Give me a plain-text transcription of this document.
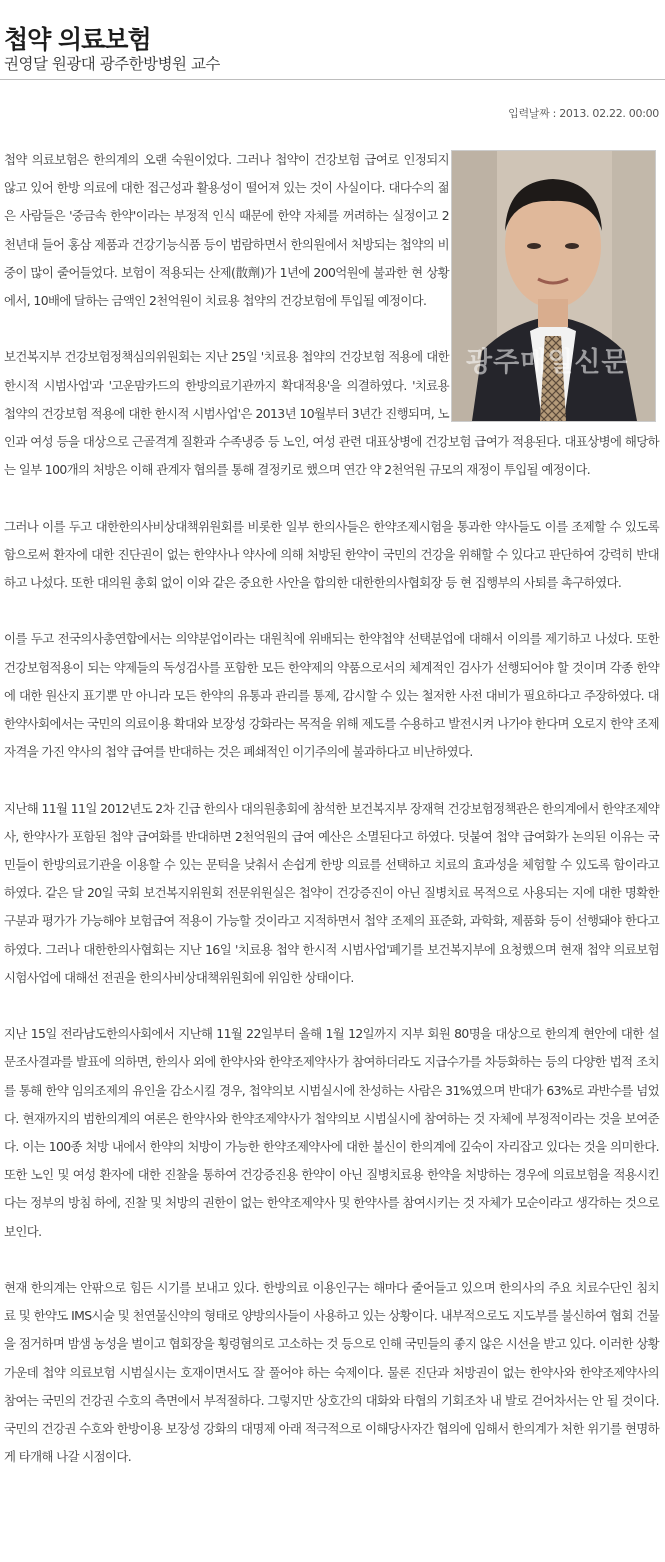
첩약 의료보험
권영달 원광대 광주한방병원 교수
입력날짜 : 2013. 02.22. 00:00
광주매일신문

첩약 의료보험은 한의계의 오랜 숙원이었다. 그러나 첩약이 건강보험 급여로 인정되지 않고 있어 한방 의료에 대한 접근성과 활용성이 떨어져 있는 것이 사실이다. 대다수의 젊은 사람들은 '중금속 한약'이라는 부정적 인식 때문에 한약 자체를 꺼려하는 실정이고 2천년대 들어 홍삼 제품과 건강기능식품 등이 범람하면서 한의원에서 처방되는 첩약의 비중이 많이 줄어들었다. 보험이 적용되는 산제(散劑)가 1년에 200억원에 불과한 현 상황에서, 10배에 달하는 금액인 2천억원이 치료용 첩약의 건강보험에 투입될 예정이다.

보건복지부 건강보험정책심의위원회는 지난 25일 '치료용 첩약의 건강보험 적용에 대한 한시적 시범사업'과 '고운맘카드의 한방의료기관까지 확대적용'을 의결하였다. '치료용 첩약의 건강보험 적용에 대한 한시적 시범사업'은 2013년 10월부터 3년간 진행되며, 노인과 여성 등을 대상으로 근골격계 질환과 수족냉증 등 노인, 여성 관련 대표상병에 건강보험 급여가 적용된다. 대표상병에 해당하는 일부 100개의 처방은 이해 관계자 협의를 통해 결정키로 했으며 연간 약 2천억원 규모의 재정이 투입될 예정이다.

그러나 이를 두고 대한한의사비상대책위원회를 비롯한 일부 한의사들은 한약조제시험을 통과한 약사들도 이를 조제할 수 있도록 함으로써 환자에 대한 진단권이 없는 한약사나 약사에 의해 처방된 한약이 국민의 건강을 위해할 수 있다고 판단하여 강력히 반대하고 나섰다. 또한 대의원 총회 없이 이와 같은 중요한 사안을 합의한 대한한의사협회장 등 현 집행부의 사퇴를 촉구하였다.

이를 두고 전국의사총연합에서는 의약분업이라는 대원칙에 위배되는 한약첩약 선택분업에 대해서 이의를 제기하고 나섰다. 또한 건강보험적용이 되는 약제들의 독성검사를 포함한 모든 한약제의 약품으로서의 체계적인 검사가 선행되어야 할 것이며 각종 한약에 대한 원산지 표기뿐 만 아니라 모든 한약의 유통과 관리를 통제, 감시할 수 있는 철저한 사전 대비가 필요하다고 주장하였다. 대한약사회에서는 국민의 의료이용 확대와 보장성 강화라는 목적을 위해 제도를 수용하고 발전시켜 나가야 한다며 오로지 한약 조제 자격을 가진 약사의 첩약 급여를 반대하는 것은 폐쇄적인 이기주의에 불과하다고 비난하였다.

지난해 11월 11일 2012년도 2차 긴급 한의사 대의원총회에 참석한 보건복지부 장재혁 건강보험정책관은 한의계에서 한약조제약사, 한약사가 포함된 첩약 급여화를 반대하면 2천억원의 급여 예산은 소멸된다고 하였다. 덧붙여 첩약 급여화가 논의된 이유는 국민들이 한방의료기관을 이용할 수 있는 문턱을 낮춰서 손쉽게 한방 의료를 선택하고 치료의 효과성을 체험할 수 있도록 함이라고 하였다. 같은 달 20일 국회 보건복지위원회 전문위원실은 첩약이 건강증진이 아닌 질병치료 목적으로 사용되는 지에 대한 명확한 구분과 평가가 가능해야 보험급여 적용이 가능할 것이라고 지적하면서 첩약 조제의 표준화, 과학화, 제품화 등이 선행돼야 한다고 하였다. 그러나 대한한의사협회는 지난 16일 '치료용 첩약 한시적 시범사업'폐기를 보건복지부에 요청했으며 현재 첩약 의료보험 시험사업에 대해선 전권을 한의사비상대책위원회에 위임한 상태이다.

지난 15일 전라남도한의사회에서 지난해 11월 22일부터 올해 1월 12일까지 지부 회원 80명을 대상으로 한의계 현안에 대한 설문조사결과를 발표에 의하면, 한의사 외에 한약사와 한약조제약사가 참여하더라도 지급수가를 차등화하는 등의 다양한 법적 조치를 통해 한약 임의조제의 유인을 감소시킬 경우, 첩약의보 시범실시에 찬성하는 사람은 31%였으며 반대가 63%로 과반수를 넘었다. 현재까지의 범한의계의 여론은 한약사와 한약조제약사가 첩약의보 시범실시에 참여하는 것 자체에 부정적이라는 것을 보여준다. 이는 100종 처방 내에서 한약의 처방이 가능한 한약조제약사에 대한 불신이 한의계에 깊숙이 자리잡고 있다는 것을 의미한다. 또한 노인 및 여성 환자에 대한 진찰을 통하여 건강증진용 한약이 아닌 질병치료용 한약을 처방하는 경우에 의료보험을 적용시킨다는 정부의 방침 하에, 진찰 및 처방의 권한이 없는 한약조제약사 및 한약사를 참여시키는 것 자체가 모순이라고 생각하는 것으로 보인다.

현재 한의계는 안팎으로 힘든 시기를 보내고 있다. 한방의료 이용인구는 해마다 줄어들고 있으며 한의사의 주요 치료수단인 침치료 및 한약도 IMS시술 및 천연물신약의 형태로 양방의사들이 사용하고 있는 상황이다. 내부적으로도 지도부를 불신하여 협회 건물을 점거하며 밤샘 농성을 벌이고 협회장을 횡령혐의로 고소하는 것 등으로 인해 국민들의 좋지 않은 시선을 받고 있다. 이러한 상황 가운데 첩약 의료보험 시범실시는 호재이면서도 잘 풀어야 하는 숙제이다. 물론 진단과 처방권이 없는 한약사와 한약조제약사의 참여는 국민의 건강권 수호의 측면에서 부적절하다. 그렇지만 상호간의 대화와 타협의 기회조차 내 발로 걷어차서는 안 될 것이다. 국민의 건강권 수호와 한방이용 보장성 강화의 대명제 아래 적극적으로 이해당사자간 협의에 임해서 한의계가 처한 위기를 현명하게 타개해 나갈 시점이다.
